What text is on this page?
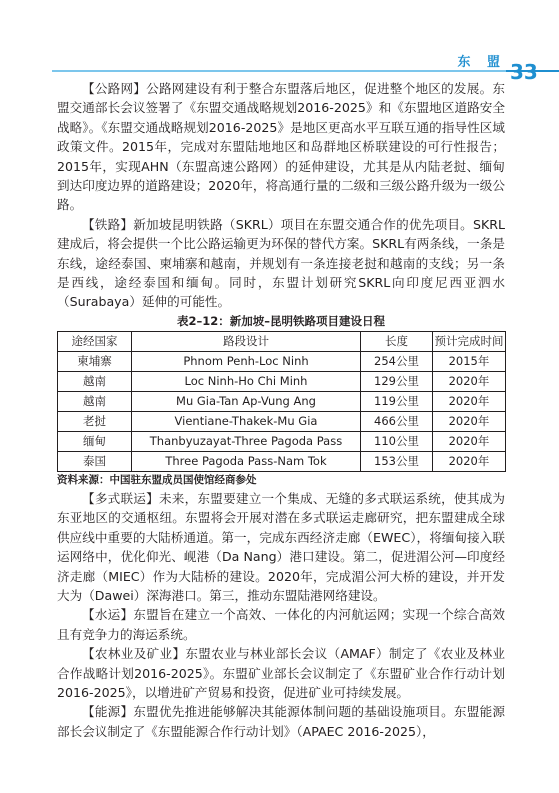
东 盟 33

【公路网】公路网建设有利于整合东盟落后地区，促进整个地区的发展。东盟交通部长会议签署了《东盟交通战略规划2016-2025》和《东盟地区道路安全战略》。《东盟交通战略规划2016-2025》是地区更高水平互联互通的指导性区域政策文件。2015年，完成对东盟陆地地区和岛群地区桥联建设的可行性报告；2015年，实现AHN（东盟高速公路网）的延伸建设，尤其是从内陆老挝、缅甸到达印度边界的道路建设；2020年，将高通行量的二级和三级公路升级为一级公路。

【铁路】新加坡昆明铁路（SKRL）项目在东盟交通合作的优先项目。SKRL建成后，将会提供一个比公路运输更为环保的替代方案。SKRL有两条线，一条是东线，途经泰国、柬埔寨和越南，并规划有一条连接老挝和越南的支线；另一条是西线，途经泰国和缅甸。同时，东盟计划研究SKRL向印度尼西亚泗水（Surabaya）延伸的可能性。

表2–12：新加坡–昆明铁路项目建设日程
途经国家	路段设计	长度	预计完成时间
柬埔寨	Phnom Penh-Loc Ninh	254公里	2015年
越南	Loc Ninh-Ho Chi Minh	129公里	2020年
越南	Mu Gia-Tan Ap-Vung Ang	119公里	2020年
老挝	Vientiane-Thakek-Mu Gia	466公里	2020年
缅甸	Thanbyuzayat-Three Pagoda Pass	110公里	2020年
泰国	Three Pagoda Pass-Nam Tok	153公里	2020年
资料来源：中国驻东盟成员国使馆经商参处

【多式联运】未来，东盟要建立一个集成、无缝的多式联运系统，使其成为东亚地区的交通枢纽。东盟将会开展对潜在多式联运走廊研究，把东盟建成全球供应线中重要的大陆桥通道。第一，完成东西经济走廊（EWEC），将缅甸接入联运网络中，优化仰光、岘港（Da Nang）港口建设。第二，促进湄公河—印度经济走廊（MIEC）作为大陆桥的建设。2020年，完成湄公河大桥的建设，并开发大为（Dawei）深海港口。第三，推动东盟陆港网络建设。

【水运】东盟旨在建立一个高效、一体化的内河航运网；实现一个综合高效且有竞争力的海运系统。

【农林业及矿业】东盟农业与林业部长会议（AMAF）制定了《农业及林业合作战略计划2016-2025》。东盟矿业部长会议制定了《东盟矿业合作行动计划2016-2025》，以增进矿产贸易和投资，促进矿业可持续发展。

【能源】东盟优先推进能够解决其能源体制问题的基础设施项目。东盟能源部长会议制定了《东盟能源合作行动计划》（APAEC 2016-2025），
